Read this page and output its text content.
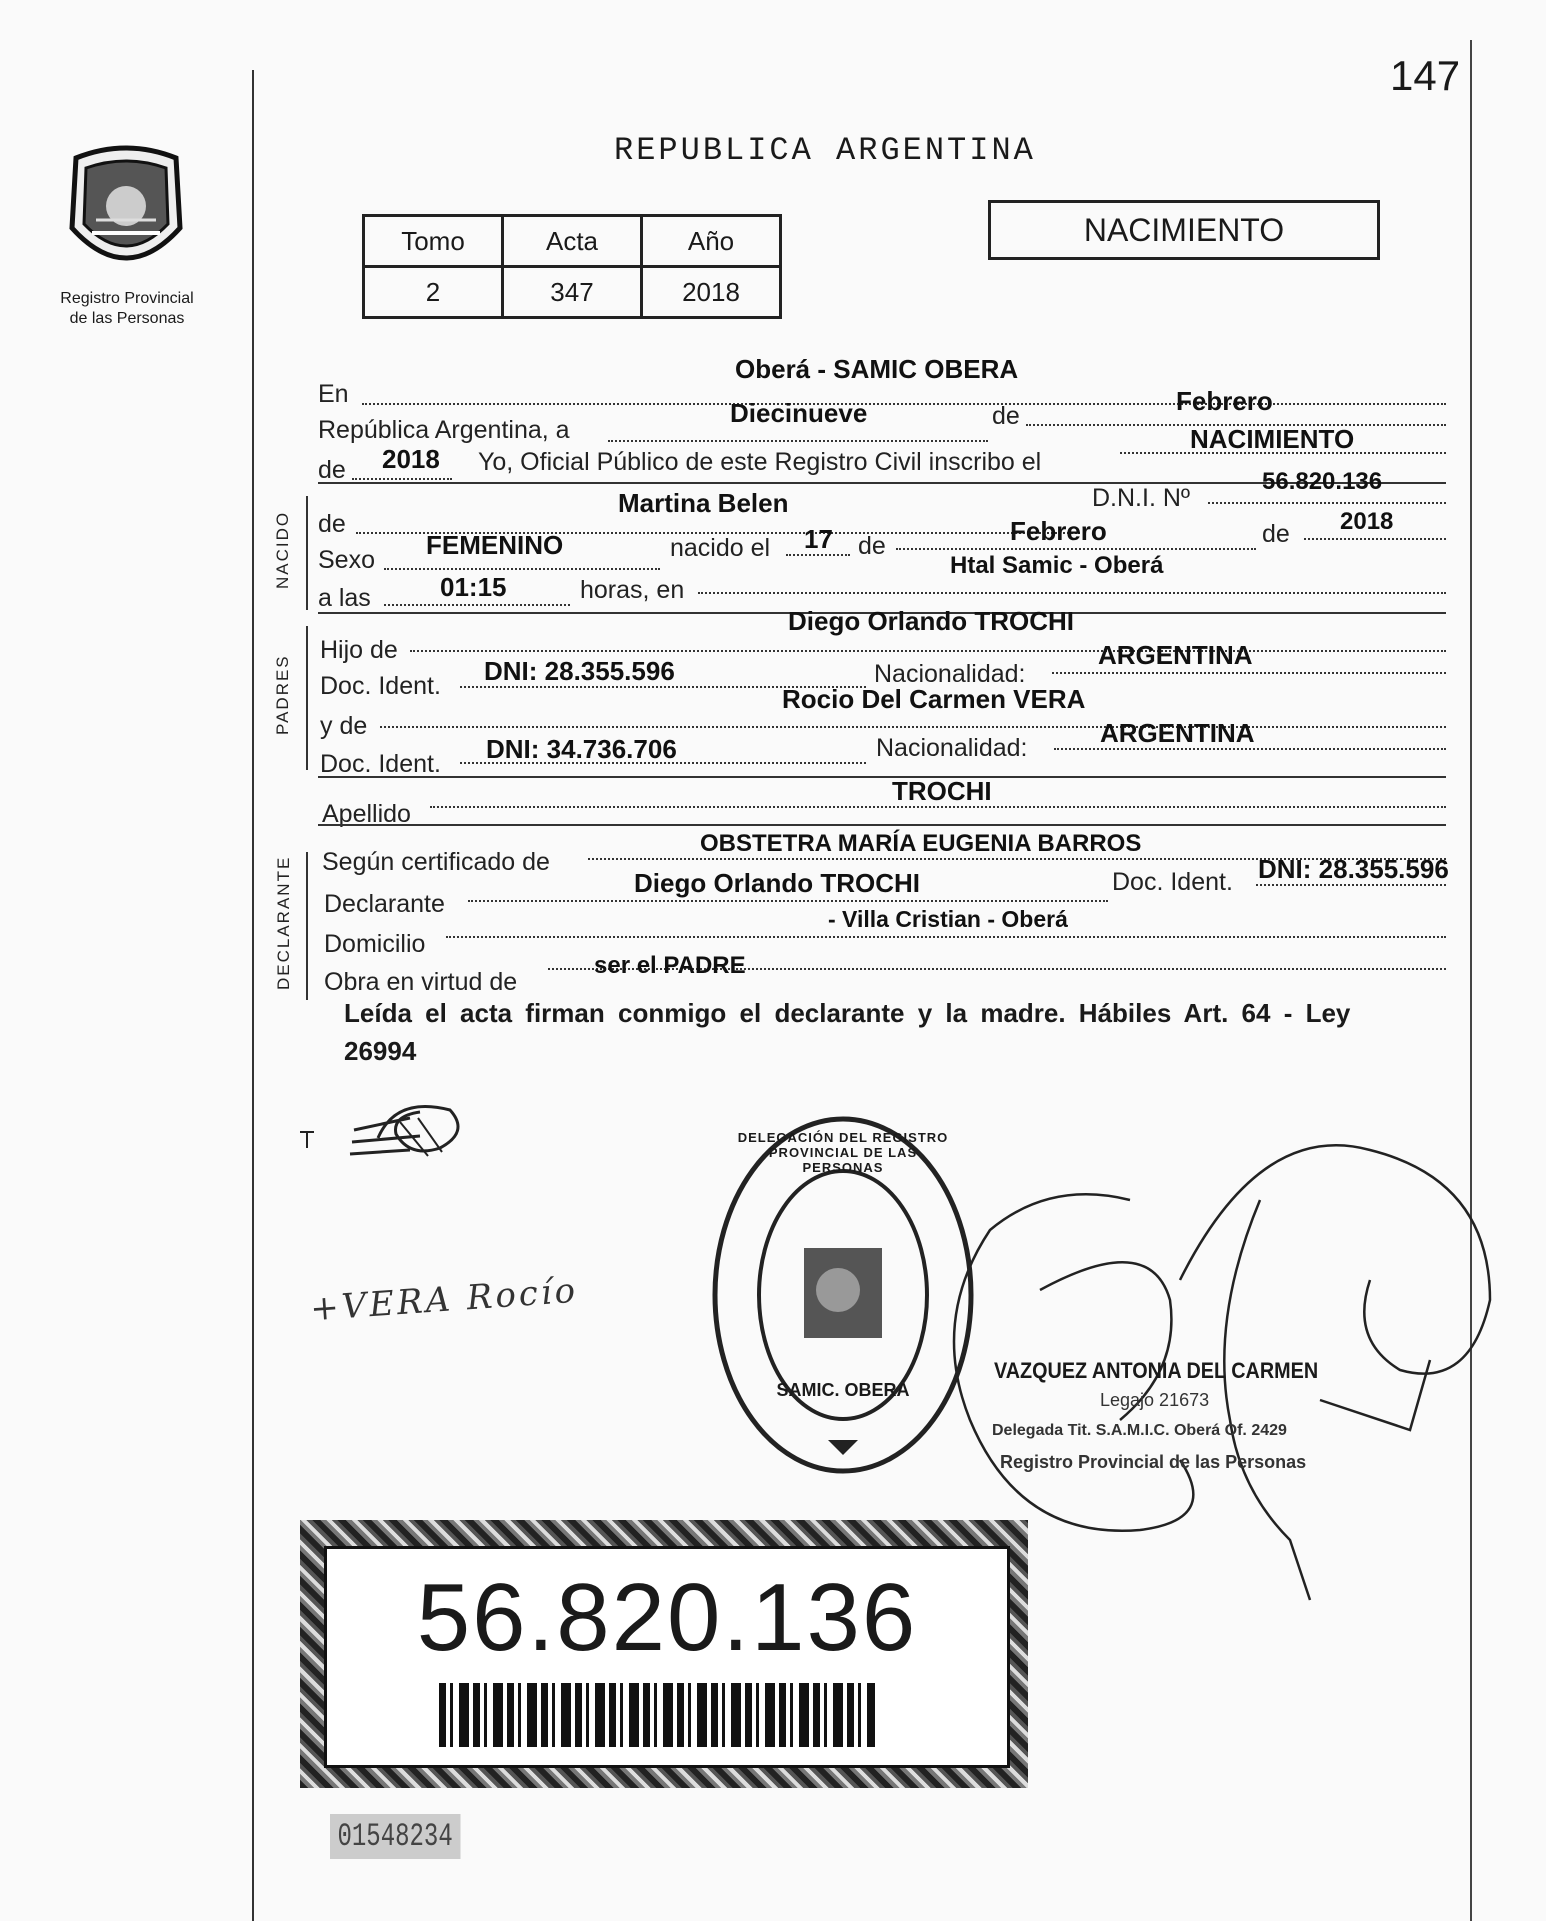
147
Registro Provincial
de las Personas
REPUBLICA ARGENTINA
NACIMIENTO
Tomo	Acta	Año
2	347	2018
En
Oberá - SAMIC OBERA
República Argentina, a
Diecinueve	de	Febrero
de 2018 Yo, Oficial Público de este Registro Civil inscribo el
NACIMIENTO
NACIDO de
Martina Belen	D.N.I. Nº
56.820.136
Sexo FEMENINO	nacido el 17 de	Febrero	de 2018
a las	01:15	horas, en
Htal Samic - Oberá
PADRES
Hijo de
Diego Orlando TROCHI
Doc. Ident. DNI: 28.355.596	Nacionalidad:
ARGENTINA
y de
Rocio Del Carmen VERA
Doc. Ident. DNI: 34.736.706	Nacionalidad:	ARGENTINA
Apellido
TROCHI
DECLARANTE Según certificado de
OBSTETRA MARÍA EUGENIA BARROS
Declarante
Diego Orlando TROCHI	Doc. Ident. DNI: 28.355.596
Domicilio
- Villa Cristian - Oberá
Obra en virtud de
ser el PADRE
Leída el acta firman conmigo el declarante y la madre. Hábiles Art. 64 - Ley 26994
+VERA Rocío
DELEGACIÓN DEL REGISTRO PROVINCIAL DE LAS PERSONAS
SAMIC. OBERÁ
VAZQUEZ ANTONIA DEL CARMEN
Legajo 21673
Delegada Tit. S.A.M.I.C. Oberá Of. 2429
Registro Provincial de las Personas
56.820.136
01548234
